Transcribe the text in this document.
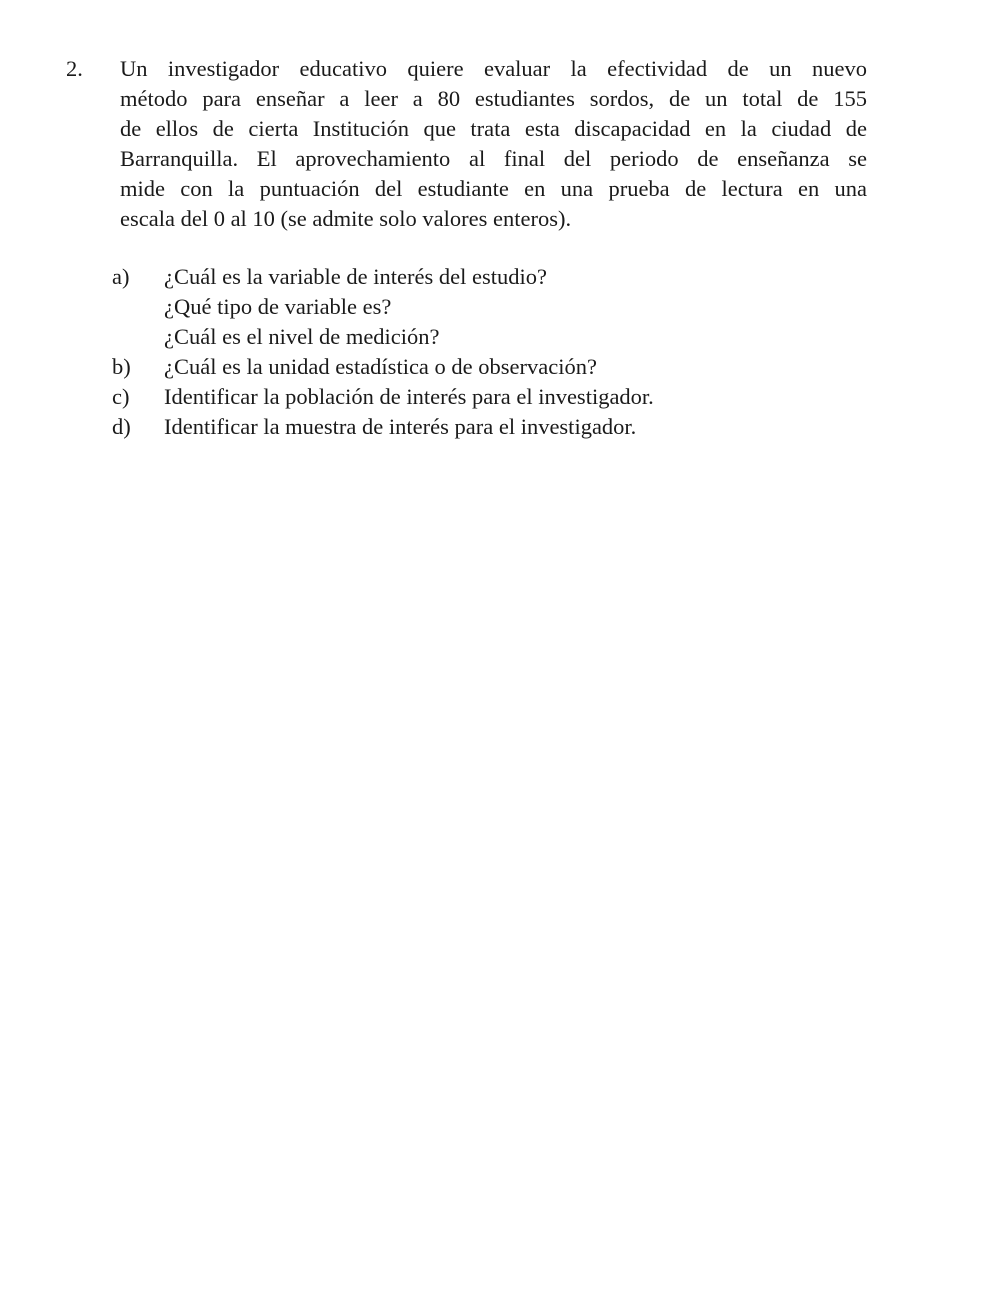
2. Un investigador educativo quiere evaluar la efectividad de un nuevo
método para enseñar a leer a 80 estudiantes sordos, de un total de 155
de ellos de cierta Institución que trata esta discapacidad en la ciudad de
Barranquilla. El aprovechamiento al final del periodo de enseñanza se
mide con la puntuación del estudiante en una prueba de lectura en una
escala del 0 al 10 (se admite solo valores enteros).
a) ¿Cuál es la variable de interés del estudio?
¿Qué tipo de variable es?
¿Cuál es el nivel de medición?
b) ¿Cuál es la unidad estadística o de observación?
c) Identificar la población de interés para el investigador.
d) Identificar la muestra de interés para el investigador.
